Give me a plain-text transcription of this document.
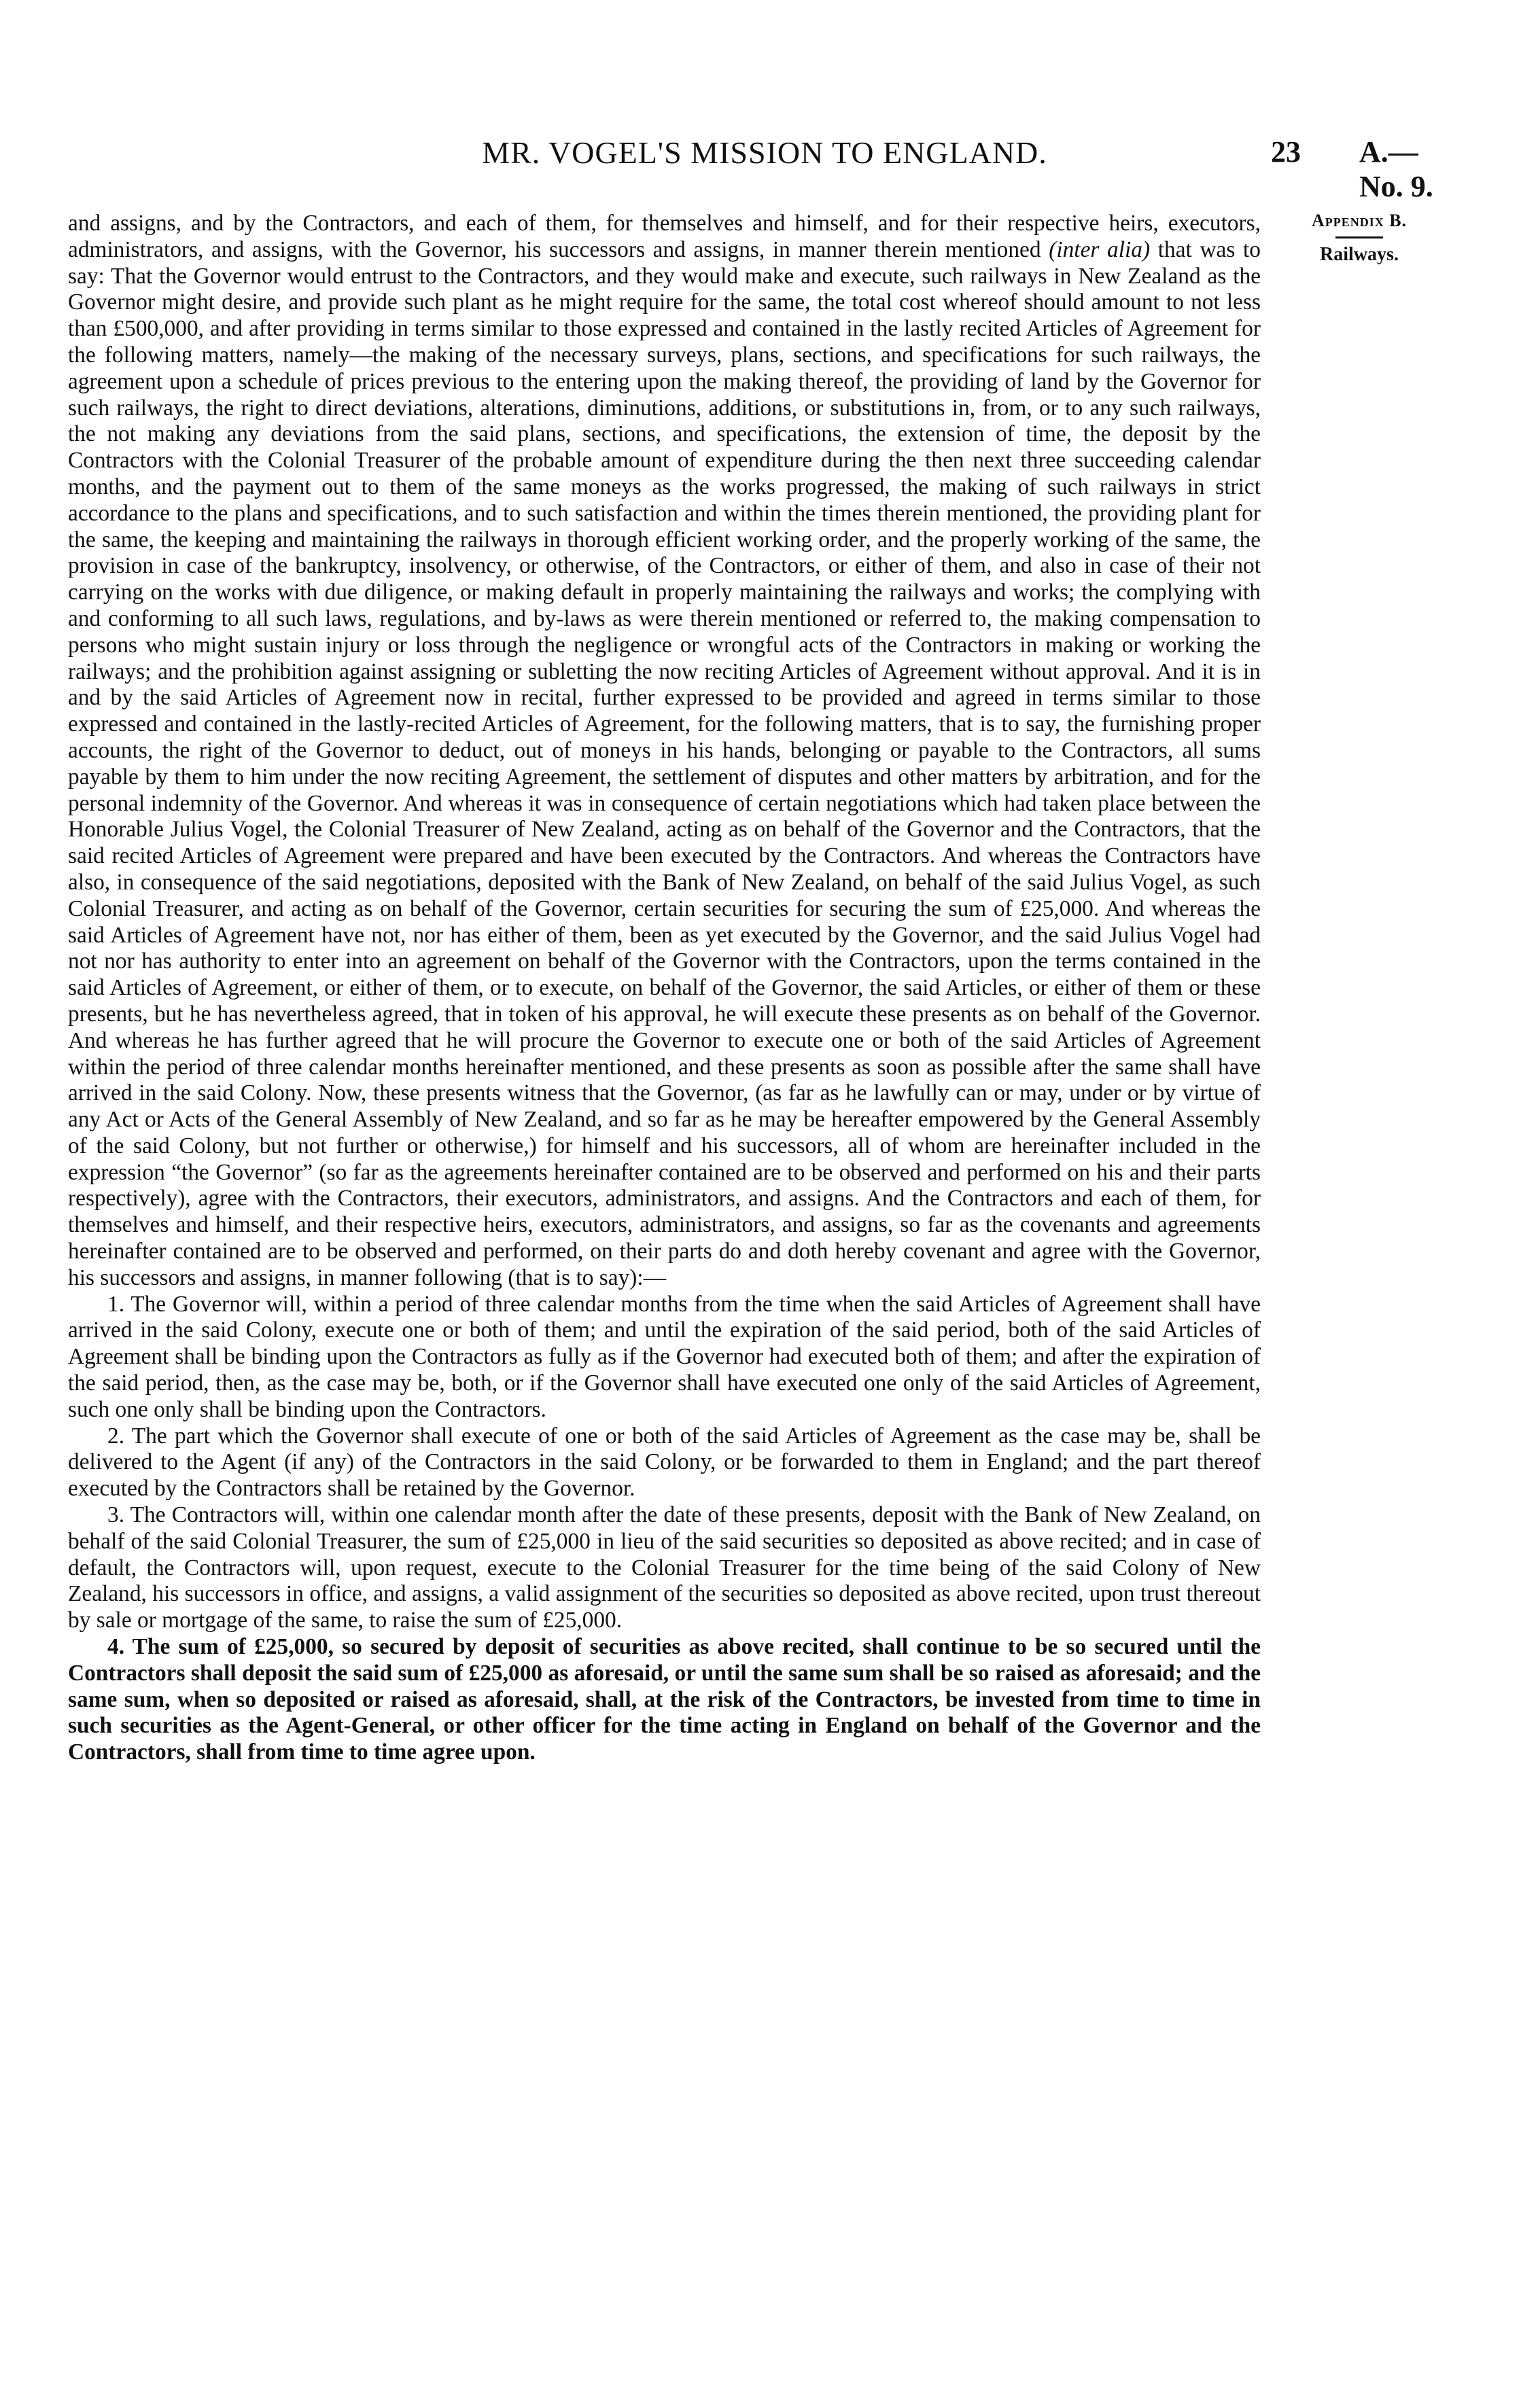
MR. VOGEL'S MISSION TO ENGLAND.	23 A.—No. 9.
Appendix B.
Railways.

and assigns, and by the Contractors, and each of them, for themselves and himself, and for their respective heirs, executors, administrators, and assigns, with the Governor, his successors and assigns, in manner therein mentioned (inter alia) that was to say: That the Governor would entrust to the Contractors, and they would make and execute, such railways in New Zealand as the Governor might desire, and provide such plant as he might require for the same, the total cost whereof should amount to not less than £500,000, and after providing in terms similar to those expressed and contained in the lastly recited Articles of Agreement for the following matters, namely—the making of the necessary surveys, plans, sections, and specifications for such railways, the agreement upon a schedule of prices previous to the entering upon the making thereof, the providing of land by the Governor for such railways, the right to direct deviations, alterations, diminutions, additions, or substitutions in, from, or to any such railways, the not making any deviations from the said plans, sections, and specifications, the extension of time, the deposit by the Contractors with the Colonial Treasurer of the probable amount of expenditure during the then next three succeeding calendar months, and the payment out to them of the same moneys as the works progressed, the making of such railways in strict accordance to the plans and specifications, and to such satisfaction and within the times therein mentioned, the providing plant for the same, the keeping and maintaining the railways in thorough efficient working order, and the properly working of the same, the provision in case of the bankruptcy, insolvency, or otherwise, of the Contractors, or either of them, and also in case of their not carrying on the works with due diligence, or making default in properly maintaining the railways and works; the complying with and conforming to all such laws, regulations, and by-laws as were therein mentioned or referred to, the making compensation to persons who might sustain injury or loss through the negligence or wrongful acts of the Contractors in making or working the railways; and the prohibition against assigning or subletting the now reciting Articles of Agreement without approval. And it is in and by the said Articles of Agreement now in recital, further expressed to be provided and agreed in terms similar to those expressed and contained in the lastly-recited Articles of Agreement, for the following matters, that is to say, the furnishing proper accounts, the right of the Governor to deduct, out of moneys in his hands, belonging or payable to the Contractors, all sums payable by them to him under the now reciting Agreement, the settlement of disputes and other matters by arbitration, and for the personal indemnity of the Governor. And whereas it was in consequence of certain negotiations which had taken place between the Honorable Julius Vogel, the Colonial Treasurer of New Zealand, acting as on behalf of the Governor and the Contractors, that the said recited Articles of Agreement were prepared and have been executed by the Contractors. And whereas the Contractors have also, in consequence of the said negotiations, deposited with the Bank of New Zealand, on behalf of the said Julius Vogel, as such Colonial Treasurer, and acting as on behalf of the Governor, certain securities for securing the sum of £25,000. And whereas the said Articles of Agreement have not, nor has either of them, been as yet executed by the Governor, and the said Julius Vogel had not nor has authority to enter into an agreement on behalf of the Governor with the Contractors, upon the terms contained in the said Articles of Agreement, or either of them, or to execute, on behalf of the Governor, the said Articles, or either of them or these presents, but he has nevertheless agreed, that in token of his approval, he will execute these presents as on behalf of the Governor. And whereas he has further agreed that he will procure the Governor to execute one or both of the said Articles of Agreement within the period of three calendar months hereinafter mentioned, and these presents as soon as possible after the same shall have arrived in the said Colony. Now, these presents witness that the Governor, (as far as he lawfully can or may, under or by virtue of any Act or Acts of the General Assembly of New Zealand, and so far as he may be hereafter empowered by the General Assembly of the said Colony, but not further or otherwise,) for himself and his successors, all of whom are hereinafter included in the expression “the Governor” (so far as the agreements hereinafter contained are to be observed and performed on his and their parts respectively), agree with the Contractors, their executors, administrators, and assigns. And the Contractors and each of them, for themselves and himself, and their respective heirs, executors, administrators, and assigns, so far as the covenants and agreements hereinafter contained are to be observed and performed, on their parts do and doth hereby covenant and agree with the Governor, his successors and assigns, in manner following (that is to say):—

1. The Governor will, within a period of three calendar months from the time when the said Articles of Agreement shall have arrived in the said Colony, execute one or both of them; and until the expiration of the said period, both of the said Articles of Agreement shall be binding upon the Contractors as fully as if the Governor had executed both of them; and after the expiration of the said period, then, as the case may be, both, or if the Governor shall have executed one only of the said Articles of Agreement, such one only shall be binding upon the Contractors.

2. The part which the Governor shall execute of one or both of the said Articles of Agreement as the case may be, shall be delivered to the Agent (if any) of the Contractors in the said Colony, or be forwarded to them in England; and the part thereof executed by the Contractors shall be retained by the Governor.

3. The Contractors will, within one calendar month after the date of these presents, deposit with the Bank of New Zealand, on behalf of the said Colonial Treasurer, the sum of £25,000 in lieu of the said securities so deposited as above recited; and in case of default, the Contractors will, upon request, execute to the Colonial Treasurer for the time being of the said Colony of New Zealand, his successors in office, and assigns, a valid assignment of the securities so deposited as above recited, upon trust thereout by sale or mortgage of the same, to raise the sum of £25,000.

4. The sum of £25,000, so secured by deposit of securities as above recited, shall continue to be so secured until the Contractors shall deposit the said sum of £25,000 as aforesaid, or until the same sum shall be so raised as aforesaid; and the same sum, when so deposited or raised as aforesaid, shall, at the risk of the Contractors, be invested from time to time in such securities as the Agent-General, or other officer for the time acting in England on behalf of the Governor and the Contractors, shall from time to time agree upon.
